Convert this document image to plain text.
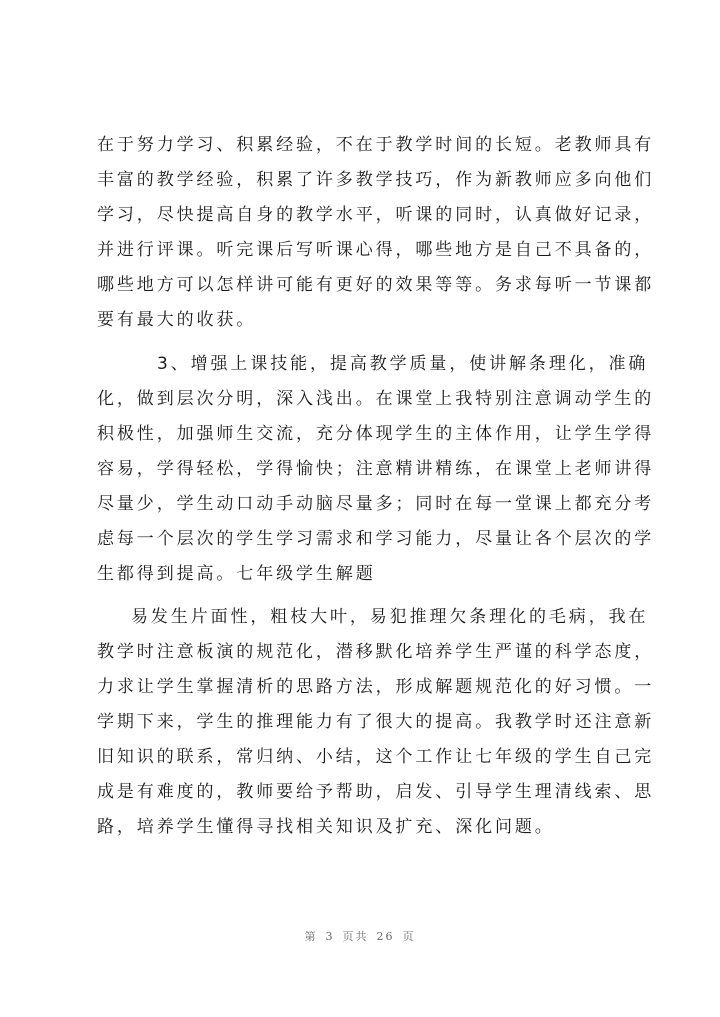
在于努力学习、积累经验，不在于教学时间的长短。老教师具有
丰富的教学经验，积累了许多教学技巧，作为新教师应多向他们
学习，尽快提高自身的教学水平，听课的同时，认真做好记录，
并进行评课。听完课后写听课心得，哪些地方是自己不具备的，
哪些地方可以怎样讲可能有更好的效果等等。务求每听一节课都
要有最大的收获。
3、增强上课技能，提高教学质量，使讲解条理化，准确
化，做到层次分明，深入浅出。在课堂上我特别注意调动学生的
积极性，加强师生交流，充分体现学生的主体作用，让学生学得
容易，学得轻松，学得愉快；注意精讲精练，在课堂上老师讲得
尽量少，学生动口动手动脑尽量多；同时在每一堂课上都充分考
虑每一个层次的学生学习需求和学习能力，尽量让各个层次的学
生都得到提高。七年级学生解题
易发生片面性，粗枝大叶，易犯推理欠条理化的毛病，我在
教学时注意板演的规范化，潜移默化培养学生严谨的科学态度，
力求让学生掌握清析的思路方法，形成解题规范化的好习惯。一
学期下来，学生的推理能力有了很大的提高。我教学时还注意新
旧知识的联系，常归纳、小结，这个工作让七年级的学生自己完
成是有难度的，教师要给予帮助，启发、引导学生理清线索、思
路，培养学生懂得寻找相关知识及扩充、深化问题。
第 3 页共 26 页
